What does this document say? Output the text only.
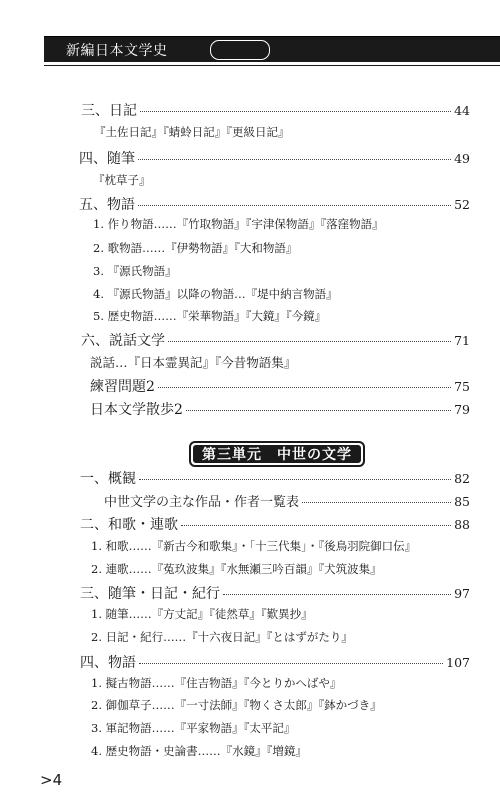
新編日本文学史
三、日記	44
『土佐日記』『蜻蛉日記』『更級日記』
四、随筆	49
『枕草子』
五、物語	52
1. 作り物語……『竹取物語』『宇津保物語』『落窪物語』
2. 歌物語……『伊勢物語』『大和物語』
3. 『源氏物語』
4. 『源氏物語』以降の物語…『堤中納言物語』
5. 歴史物語……『栄華物語』『大鏡』『今鏡』
六、説話文学	71
説話…『日本霊異記』『今昔物語集』
練習問題2	75
日本文学散歩2	79
第三単元　中世の文学
一、概観	82
中世文学の主な作品・作者一覧表	85
二、和歌・連歌	88
1. 和歌……『新古今和歌集』・「十三代集」・『後鳥羽院御口伝』
2. 連歌……『菟玖波集』『水無瀬三吟百韻』『犬筑波集』
三、随筆・日記・紀行	97
1. 随筆……『方丈記』『徒然草』『歎異抄』
2. 日記・紀行……『十六夜日記』『とはずがたり』
四、物語	107
1. 擬古物語……『住吉物語』『今とりかへばや』
2. 御伽草子……『一寸法師』『物くさ太郎』『鉢かづき』
3. 軍記物語……『平家物語』『太平記』
4. 歴史物語・史論書……『水鏡』『増鏡』
>4
